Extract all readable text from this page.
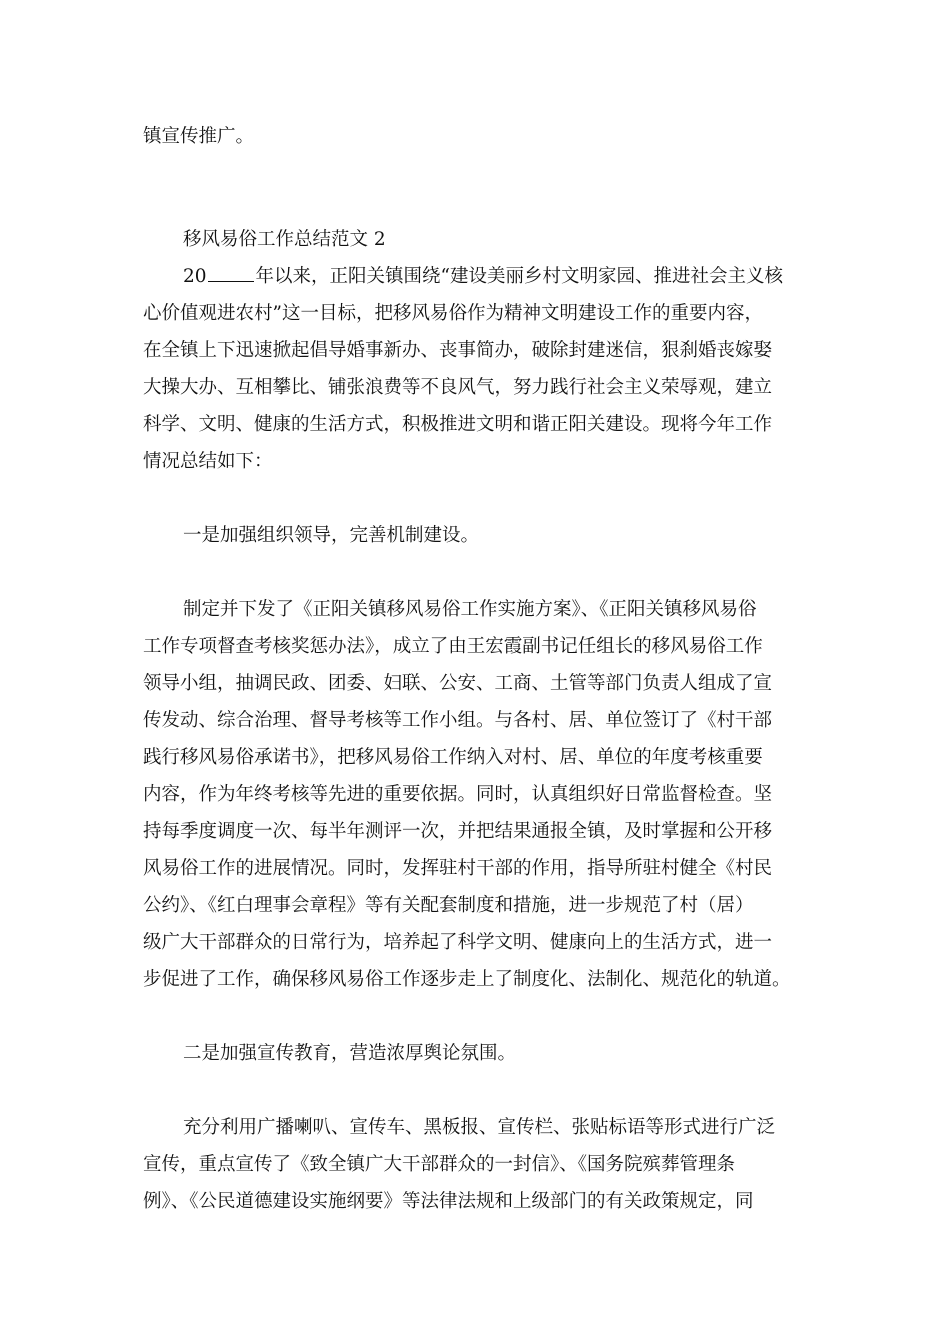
镇宣传推广。
移风易俗工作总结范文 2
20	年以来，正阳关镇围绕“建设美丽乡村文明家园、推进社会主义核
心价值观进农村”这一目标，把移风易俗作为精神文明建设工作的重要内容，
在全镇上下迅速掀起倡导婚事新办、丧事简办，破除封建迷信，狠刹婚丧嫁娶
大操大办、互相攀比、铺张浪费等不良风气，努力践行社会主义荣辱观，建立
科学、文明、健康的生活方式，积极推进文明和谐正阳关建设。现将今年工作
情况总结如下：
一是加强组织领导，完善机制建设。
制定并下发了《正阳关镇移风易俗工作实施方案》、《正阳关镇移风易俗
工作专项督查考核奖惩办法》，成立了由王宏霞副书记任组长的移风易俗工作
领导小组，抽调民政、团委、妇联、公安、工商、土管等部门负责人组成了宣
传发动、综合治理、督导考核等工作小组。与各村、居、单位签订了《村干部
践行移风易俗承诺书》，把移风易俗工作纳入对村、居、单位的年度考核重要
内容，作为年终考核等先进的重要依据。同时，认真组织好日常监督检查。坚
持每季度调度一次、每半年测评一次，并把结果通报全镇，及时掌握和公开移
风易俗工作的进展情况。同时，发挥驻村干部的作用，指导所驻村健全《村民
公约》、《红白理事会章程》等有关配套制度和措施，进一步规范了村（居）
级广大干部群众的日常行为，培养起了科学文明、健康向上的生活方式，进一
步促进了工作，确保移风易俗工作逐步走上了制度化、法制化、规范化的轨道。
二是加强宣传教育，营造浓厚舆论氛围。
充分利用广播喇叭、宣传车、黑板报、宣传栏、张贴标语等形式进行广泛
宣传，重点宣传了《致全镇广大干部群众的一封信》、《国务院殡葬管理条
例》、《公民道德建设实施纲要》等法律法规和上级部门的有关政策规定，同
